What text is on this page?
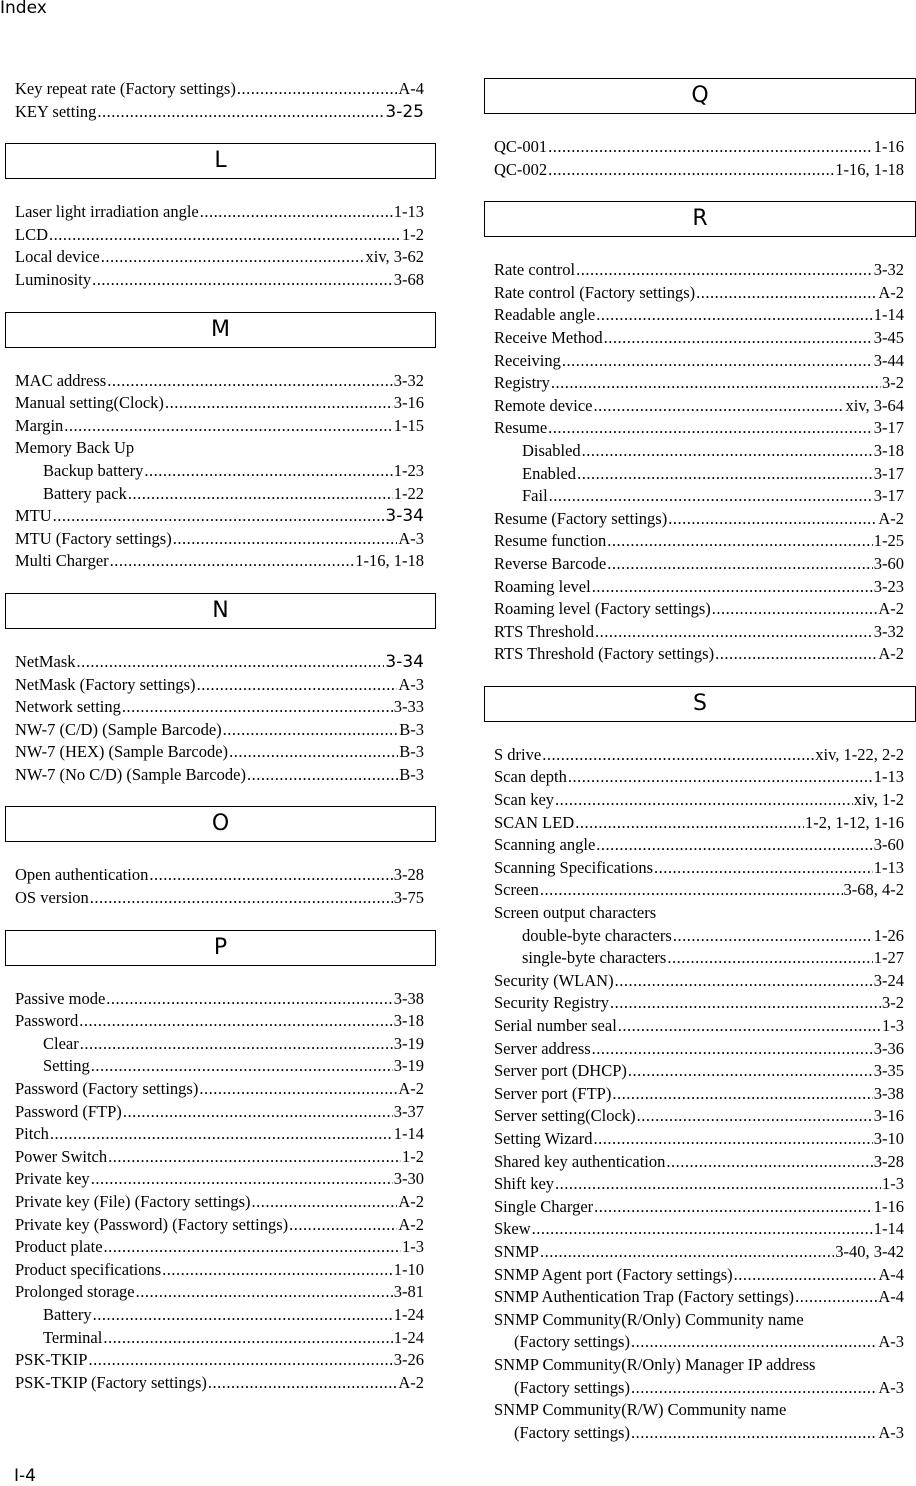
Index
Key repeat rate (Factory settings) .....	A-4
KEY setting .....	3-25
L
Laser light irradiation angle .....	1-13
LCD .....	1-2
Local device .....	xiv, 3-62
Luminosity .....	3-68
M
MAC address .....	3-32
Manual setting(Clock) .....	3-16
Margin .....	1-15
Memory Back Up
Backup battery .....	1-23
Battery pack .....	1-22
MTU .....	3-34
MTU (Factory settings) .....	A-3
Multi Charger .....	1-16, 1-18
N
NetMask .....	3-34
NetMask (Factory settings) .....	A-3
Network setting .....	3-33
NW-7 (C/D) (Sample Barcode) .....	B-3
NW-7 (HEX) (Sample Barcode) .....	B-3
NW-7 (No C/D) (Sample Barcode) .....	B-3
O
Open authentication .....	3-28
OS version .....	3-75
P
Passive mode .....	3-38
Password .....	3-18
Clear .....	3-19
Setting .....	3-19
Password (Factory settings) .....	A-2
Password (FTP) .....	3-37
Pitch .....	1-14
Power Switch .....	1-2
Private key .....	3-30
Private key (File) (Factory settings) .....	A-2
Private key (Password) (Factory settings) .....	A-2
Product plate .....	1-3
Product specifications .....	1-10
Prolonged storage .....	3-81
Battery .....	1-24
Terminal .....	1-24
PSK-TKIP .....	3-26
PSK-TKIP (Factory settings) .....	A-2
Q
QC-001 .....	1-16
QC-002 .....	1-16, 1-18
R
Rate control .....	3-32
Rate control (Factory settings) .....	A-2
Readable angle .....	1-14
Receive Method .....	3-45
Receiving .....	3-44
Registry .....	3-2
Remote device .....	xiv, 3-64
Resume .....	3-17
Disabled .....	3-18
Enabled .....	3-17
Fail .....	3-17
Resume (Factory settings) .....	A-2
Resume function .....	1-25
Reverse Barcode .....	3-60
Roaming level .....	3-23
Roaming level (Factory settings) .....	A-2
RTS Threshold .....	3-32
RTS Threshold (Factory settings) .....	A-2
S
S drive .....	xiv, 1-22, 2-2
Scan depth .....	1-13
Scan key .....	xiv, 1-2
SCAN LED .....	1-2, 1-12, 1-16
Scanning angle .....	3-60
Scanning Specifications .....	1-13
Screen .....	3-68, 4-2
Screen output characters
double-byte characters .....	1-26
single-byte characters .....	1-27
Security (WLAN) .....	3-24
Security Registry .....	3-2
Serial number seal .....	1-3
Server address .....	3-36
Server port (DHCP) .....	3-35
Server port (FTP) .....	3-38
Server setting(Clock) .....	3-16
Setting Wizard .....	3-10
Shared key authentication .....	3-28
Shift key .....	1-3
Single Charger .....	1-16
Skew .....	1-14
SNMP .....	3-40, 3-42
SNMP Agent port (Factory settings) .....	A-4
SNMP Authentication Trap (Factory settings) .....	A-4
SNMP Community(R/Only) Community name
(Factory settings) .....	A-3
SNMP Community(R/Only) Manager IP address
(Factory settings) .....	A-3
SNMP Community(R/W) Community name
(Factory settings) .....	A-3
I-4
